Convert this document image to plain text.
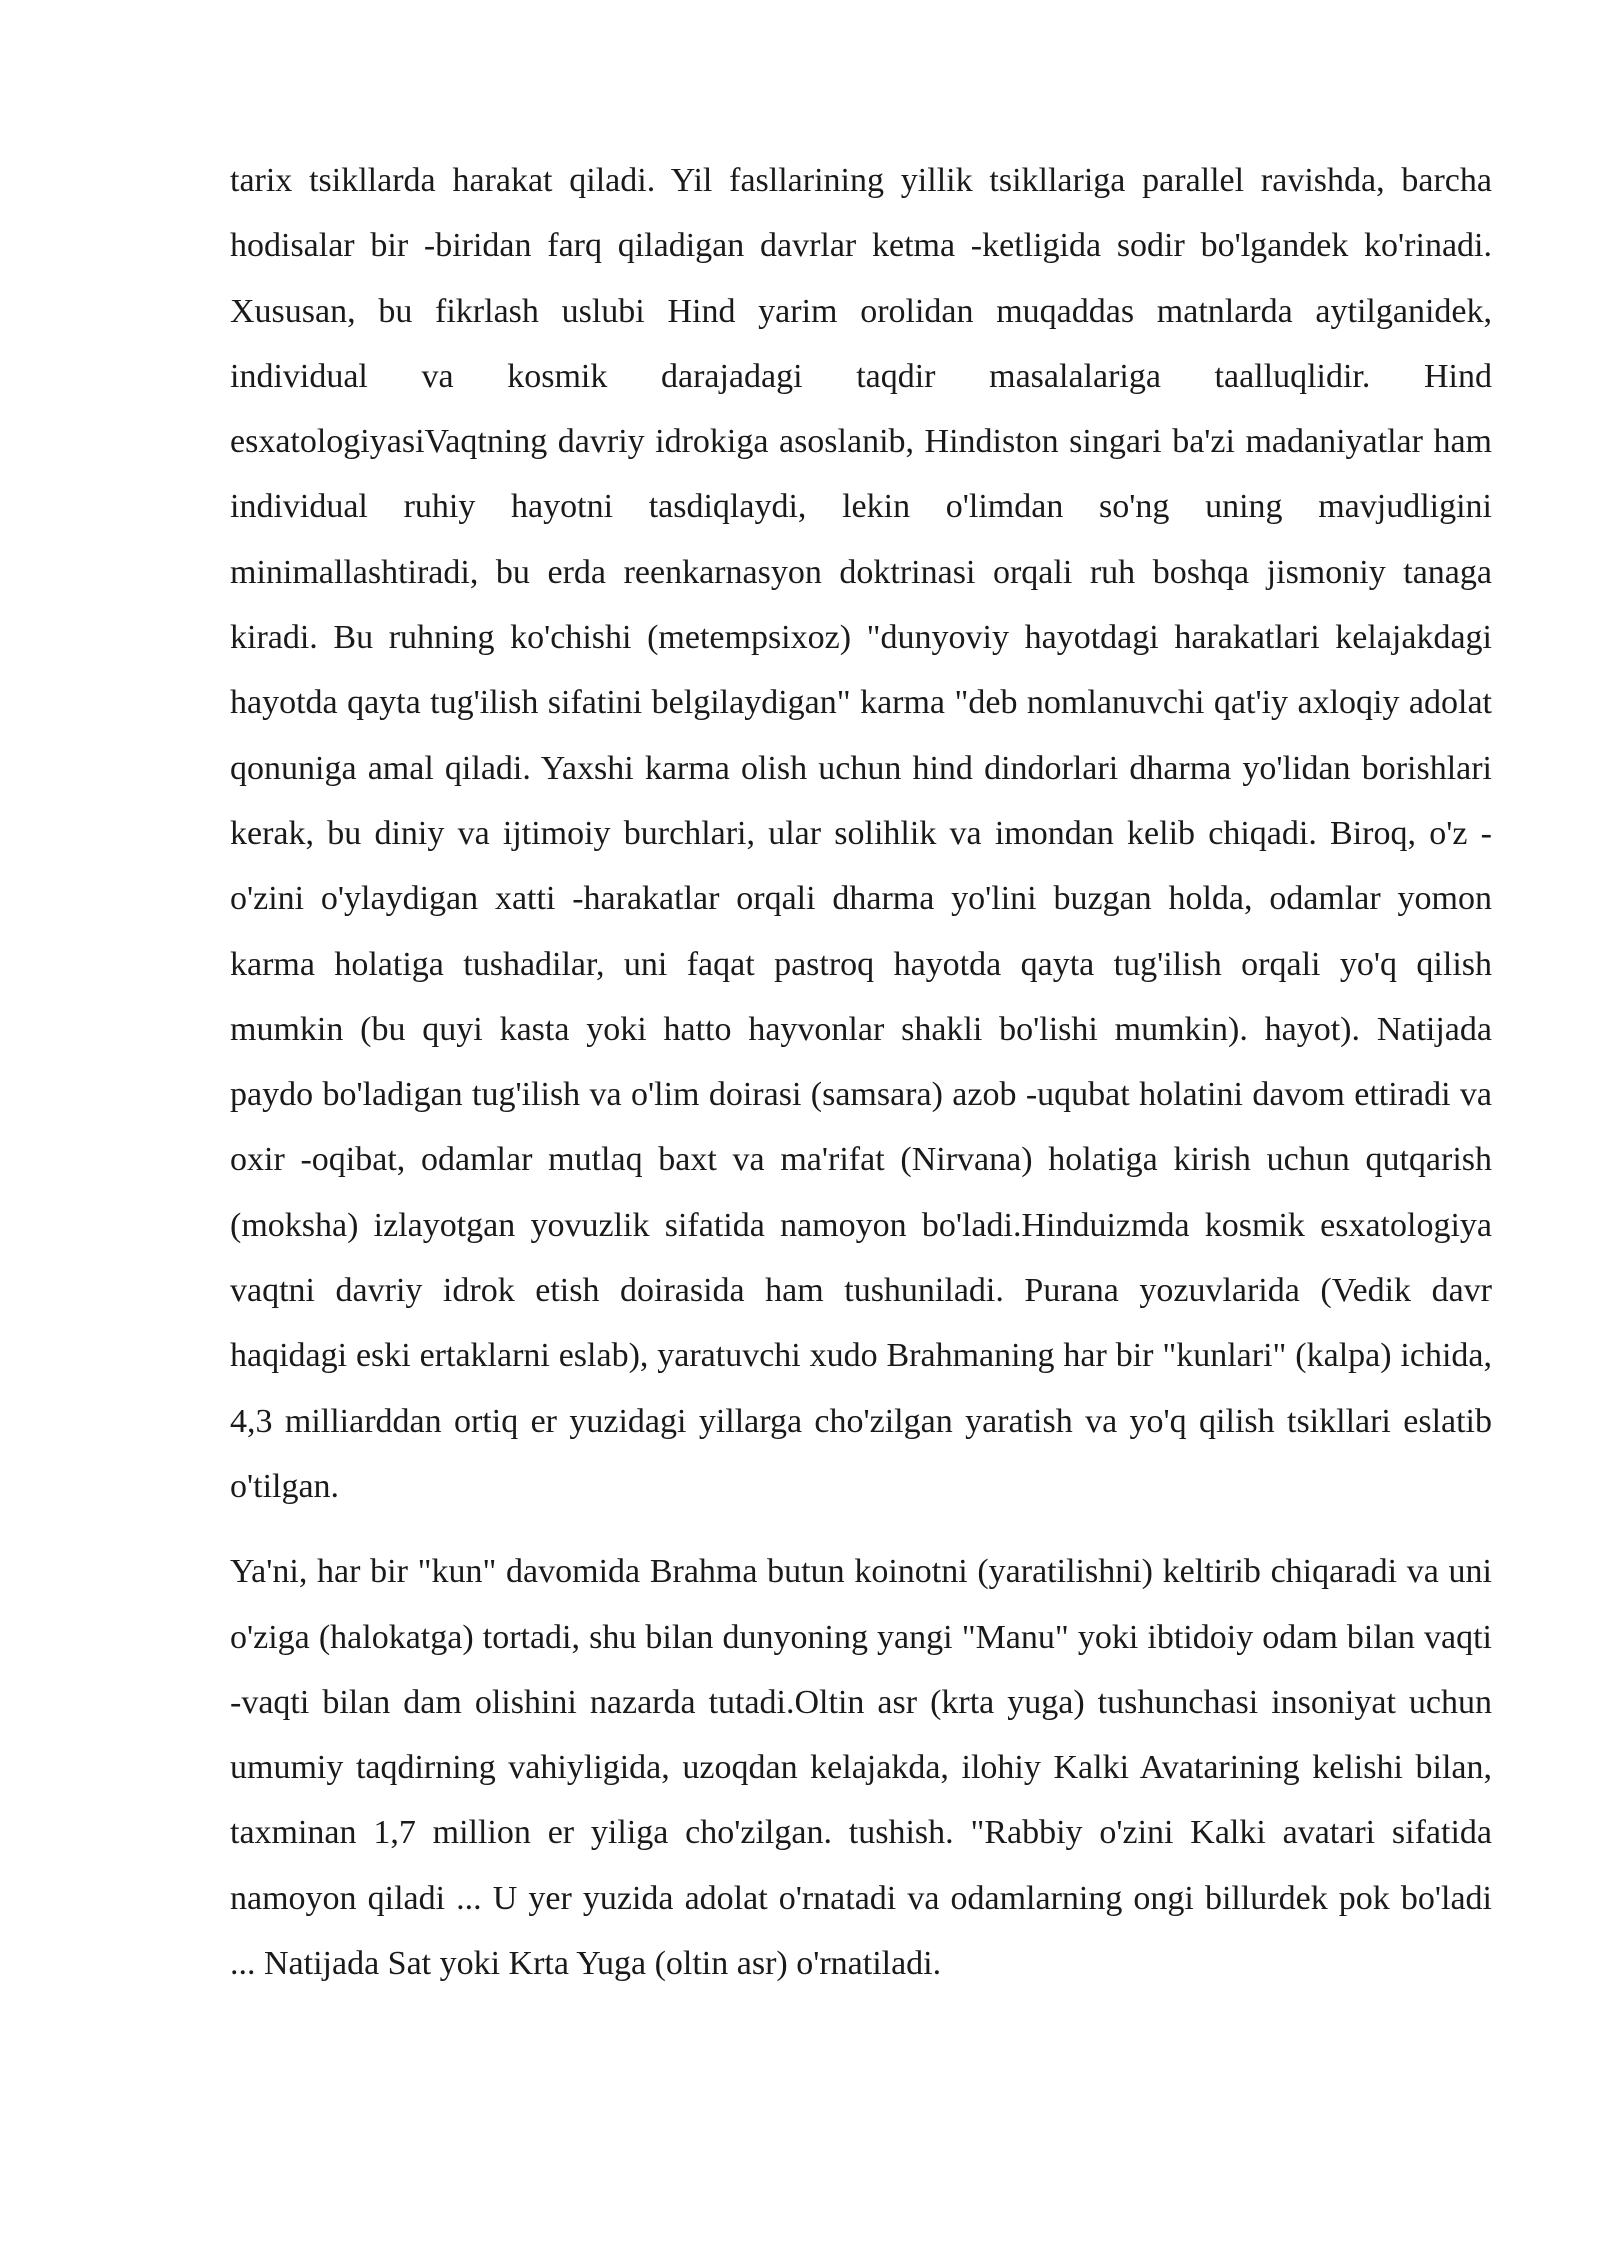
tarix tsikllarda harakat qiladi. Yil fasllarining yillik tsikllariga parallel ravishda, barcha hodisalar bir -biridan farq qiladigan davrlar ketma -ketligida sodir bo'lgandek ko'rinadi. Xususan, bu fikrlash uslubi Hind yarim orolidan muqaddas matnlarda aytilganidek, individual va kosmik darajadagi taqdir masalalariga taalluqlidir. Hind esxatologiyasiVaqtning davriy idrokiga asoslanib, Hindiston singari ba'zi madaniyatlar ham individual ruhiy hayotni tasdiqlaydi, lekin o'limdan so'ng uning mavjudligini minimallashtiradi, bu erda reenkarnasyon doktrinasi orqali ruh boshqa jismoniy tanaga kiradi. Bu ruhning ko'chishi (metempsixoz) "dunyoviy hayotdagi harakatlari kelajakdagi hayotda qayta tug'ilish sifatini belgilaydigan" karma "deb nomlanuvchi qat'iy axloqiy adolat qonuniga amal qiladi. Yaxshi karma olish uchun hind dindorlari dharma yo'lidan borishlari kerak, bu diniy va ijtimoiy burchlari, ular solihlik va imondan kelib chiqadi. Biroq, o'z -o'zini o'ylaydigan xatti -harakatlar orqali dharma yo'lini buzgan holda, odamlar yomon karma holatiga tushadilar, uni faqat pastroq hayotda qayta tug'ilish orqali yo'q qilish mumkin (bu quyi kasta yoki hatto hayvonlar shakli bo'lishi mumkin). hayot). Natijada paydo bo'ladigan tug'ilish va o'lim doirasi (samsara) azob -uqubat holatini davom ettiradi va oxir -oqibat, odamlar mutlaq baxt va ma'rifat (Nirvana) holatiga kirish uchun qutqarish (moksha) izlayotgan yovuzlik sifatida namoyon bo'ladi.Hinduizmda kosmik esxatologiya vaqtni davriy idrok etish doirasida ham tushuniladi. Purana yozuvlarida (Vedik davr haqidagi eski ertaklarni eslab), yaratuvchi xudo Brahmaning har bir "kunlari" (kalpa) ichida, 4,3 milliarddan ortiq er yuzidagi yillarga cho'zilgan yaratish va yo'q qilish tsikllari eslatib o'tilgan.

Ya'ni, har bir "kun" davomida Brahma butun koinotni (yaratilishni) keltirib chiqaradi va uni o'ziga (halokatga) tortadi, shu bilan dunyoning yangi "Manu" yoki ibtidoiy odam bilan vaqti -vaqti bilan dam olishini nazarda tutadi.Oltin asr (krta yuga) tushunchasi insoniyat uchun umumiy taqdirning vahiyligida, uzoqdan kelajakda, ilohiy Kalki Avatarining kelishi bilan, taxminan 1,7 million er yiliga cho'zilgan. tushish. "Rabbiy o'zini Kalki avatari sifatida namoyon qiladi ... U yer yuzida adolat o'rnatadi va odamlarning ongi billurdek pok bo'ladi ... Natijada Sat yoki Krta Yuga (oltin asr) o'rnatiladi.
